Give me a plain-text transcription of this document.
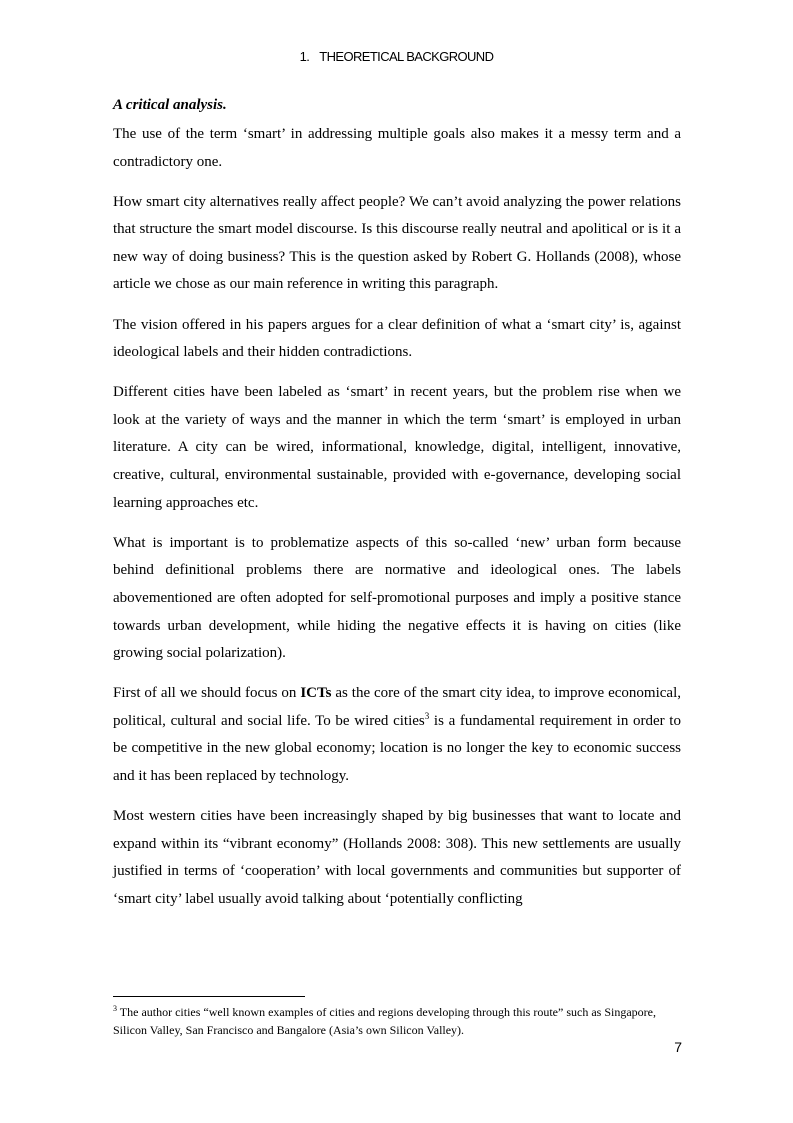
1. THEORETICAL BACKGROUND
A critical analysis.

The use of the term ‘smart’ in addressing multiple goals also makes it a messy term and a contradictory one.

How smart city alternatives really affect people? We can’t avoid analyzing the power relations that structure the smart model discourse. Is this discourse really neutral and apolitical or is it a new way of doing business? This is the question asked by Robert G. Hollands (2008), whose article we chose as our main reference in writing this paragraph.

The vision offered in his papers argues for a clear definition of what a ‘smart city’ is, against ideological labels and their hidden contradictions.

Different cities have been labeled as ‘smart’ in recent years, but the problem rise when we look at the variety of ways and the manner in which the term ‘smart’ is employed in urban literature. A city can be wired, informational, knowledge, digital, intelligent, innovative, creative, cultural, environmental sustainable, provided with e-governance, developing social learning approaches etc.

What is important is to problematize aspects of this so-called ‘new’ urban form because behind definitional problems there are normative and ideological ones. The labels abovementioned are often adopted for self-promotional purposes and imply a positive stance towards urban development, while hiding the negative effects it is having on cities (like growing social polarization).

First of all we should focus on ICTs as the core of the smart city idea, to improve economical, political, cultural and social life. To be wired cities$^3$ is a fundamental requirement in order to be competitive in the new global economy; location is no longer the key to economic success and it has been replaced by technology.

Most western cities have been increasingly shaped by big businesses that want to locate and expand within its “vibrant economy” (Hollands 2008: 308). This new settlements are usually justified in terms of ‘cooperation’ with local governments and communities but supporter of ‘smart city’ label usually avoid talking about ‘potentially conflicting

$^3$ The author cities “well known examples of cities and regions developing through this route” such as Singapore, Silicon Valley, San Francisco and Bangalore (Asia’s own Silicon Valley).
7
